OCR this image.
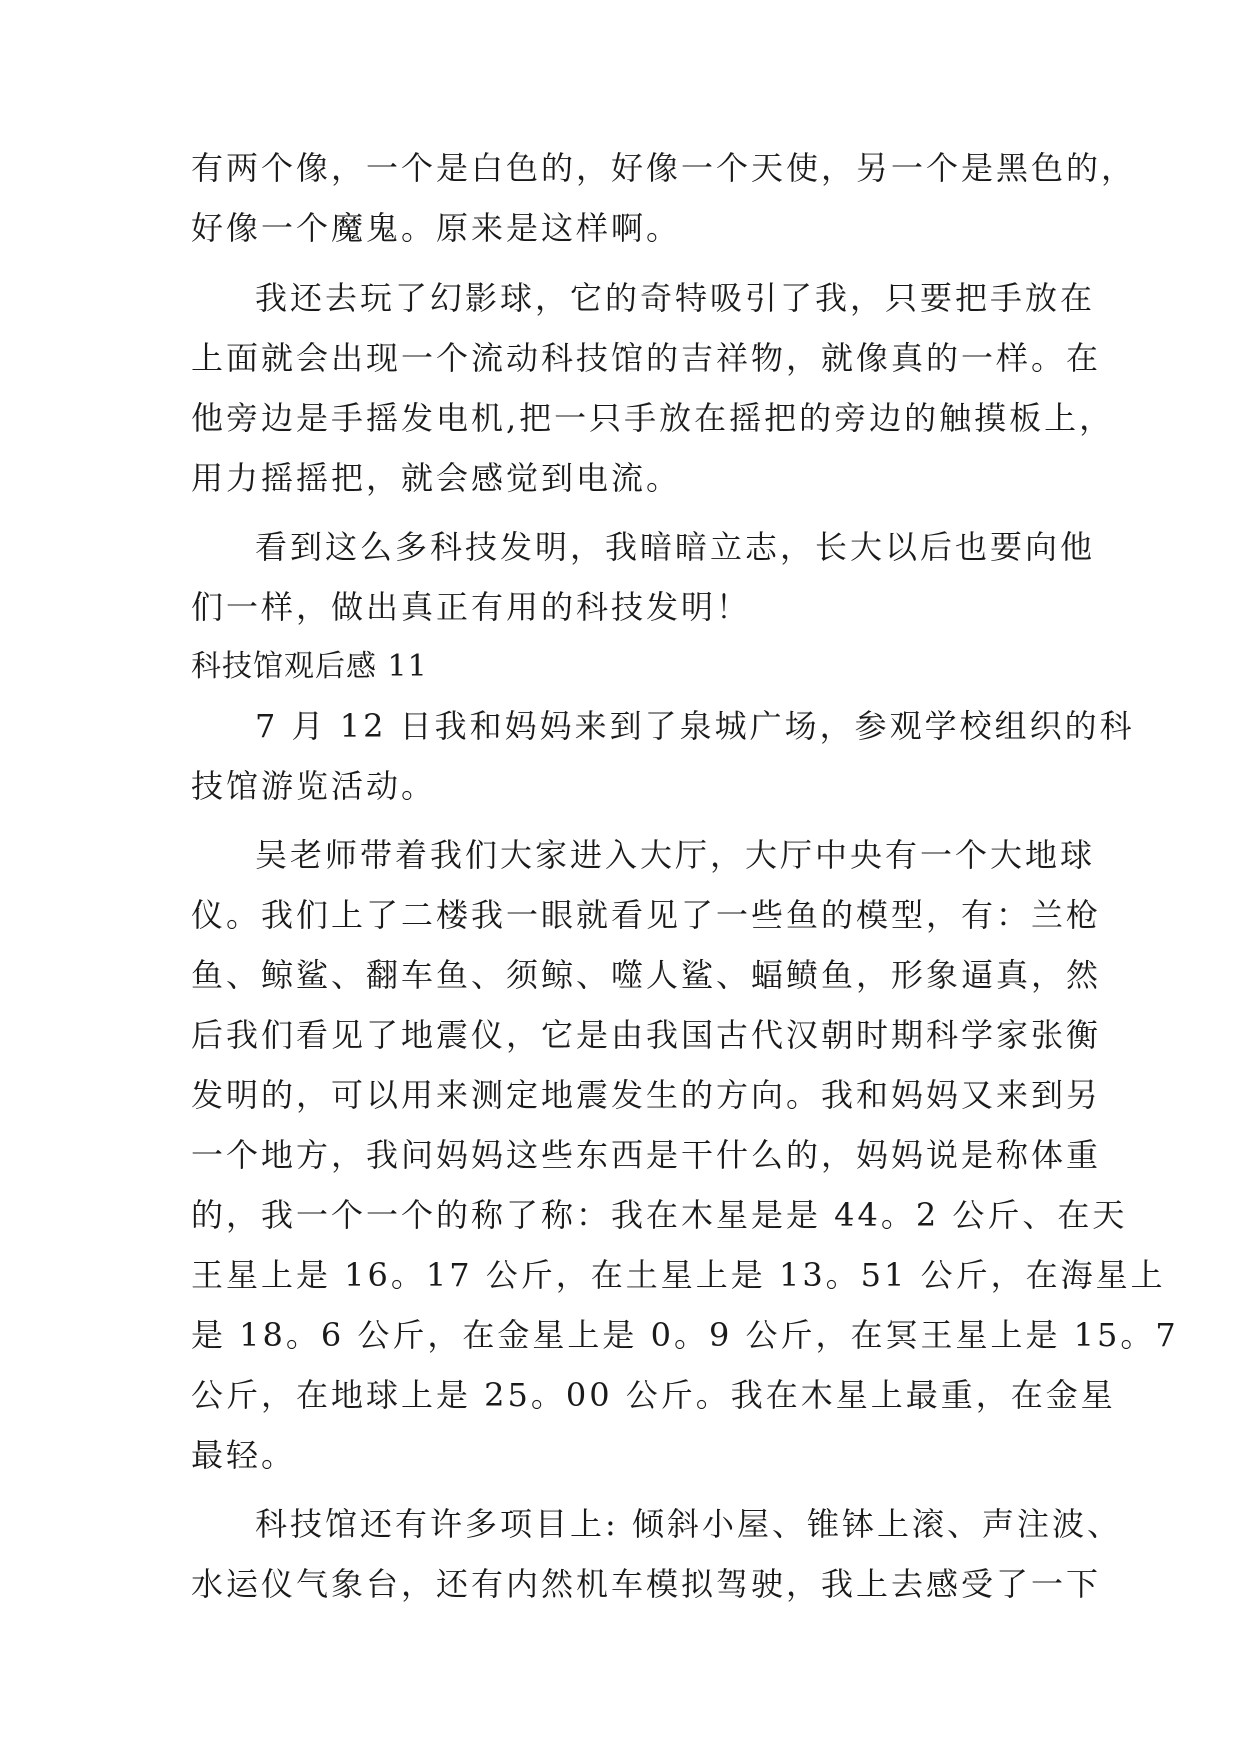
有两个像，一个是白色的，好像一个天使，另一个是黑色的，
好像一个魔鬼。原来是这样啊。
我还去玩了幻影球，它的奇特吸引了我，只要把手放在
上面就会出现一个流动科技馆的吉祥物，就像真的一样。在
他旁边是手摇发电机,把一只手放在摇把的旁边的触摸板上，
用力摇摇把，就会感觉到电流。
看到这么多科技发明，我暗暗立志，长大以后也要向他
们一样，做出真正有用的科技发明！
科技馆观后感 11
7 月 12 日我和妈妈来到了泉城广场，参观学校组织的科
技馆游览活动。
吴老师带着我们大家进入大厅，大厅中央有一个大地球
仪。我们上了二楼我一眼就看见了一些鱼的模型，有：兰枪
鱼、鲸鲨、翻车鱼、须鲸、噬人鲨、蝠鲼鱼，形象逼真，然
后我们看见了地震仪，它是由我国古代汉朝时期科学家张衡
发明的，可以用来测定地震发生的方向。我和妈妈又来到另
一个地方，我问妈妈这些东西是干什么的，妈妈说是称体重
的，我一个一个的称了称：我在木星是是 44。2 公斤、在天
王星上是 16。17 公斤，在土星上是 13。51 公斤，在海星上
是 18。6 公斤，在金星上是 0。9 公斤，在冥王星上是 15。7
公斤，在地球上是 25。00 公斤。我在木星上最重，在金星
最轻。
科技馆还有许多项目上: 倾斜小屋、锥钵上滚、声注波、
水运仪气象台，还有内然机车模拟驾驶，我上去感受了一下
